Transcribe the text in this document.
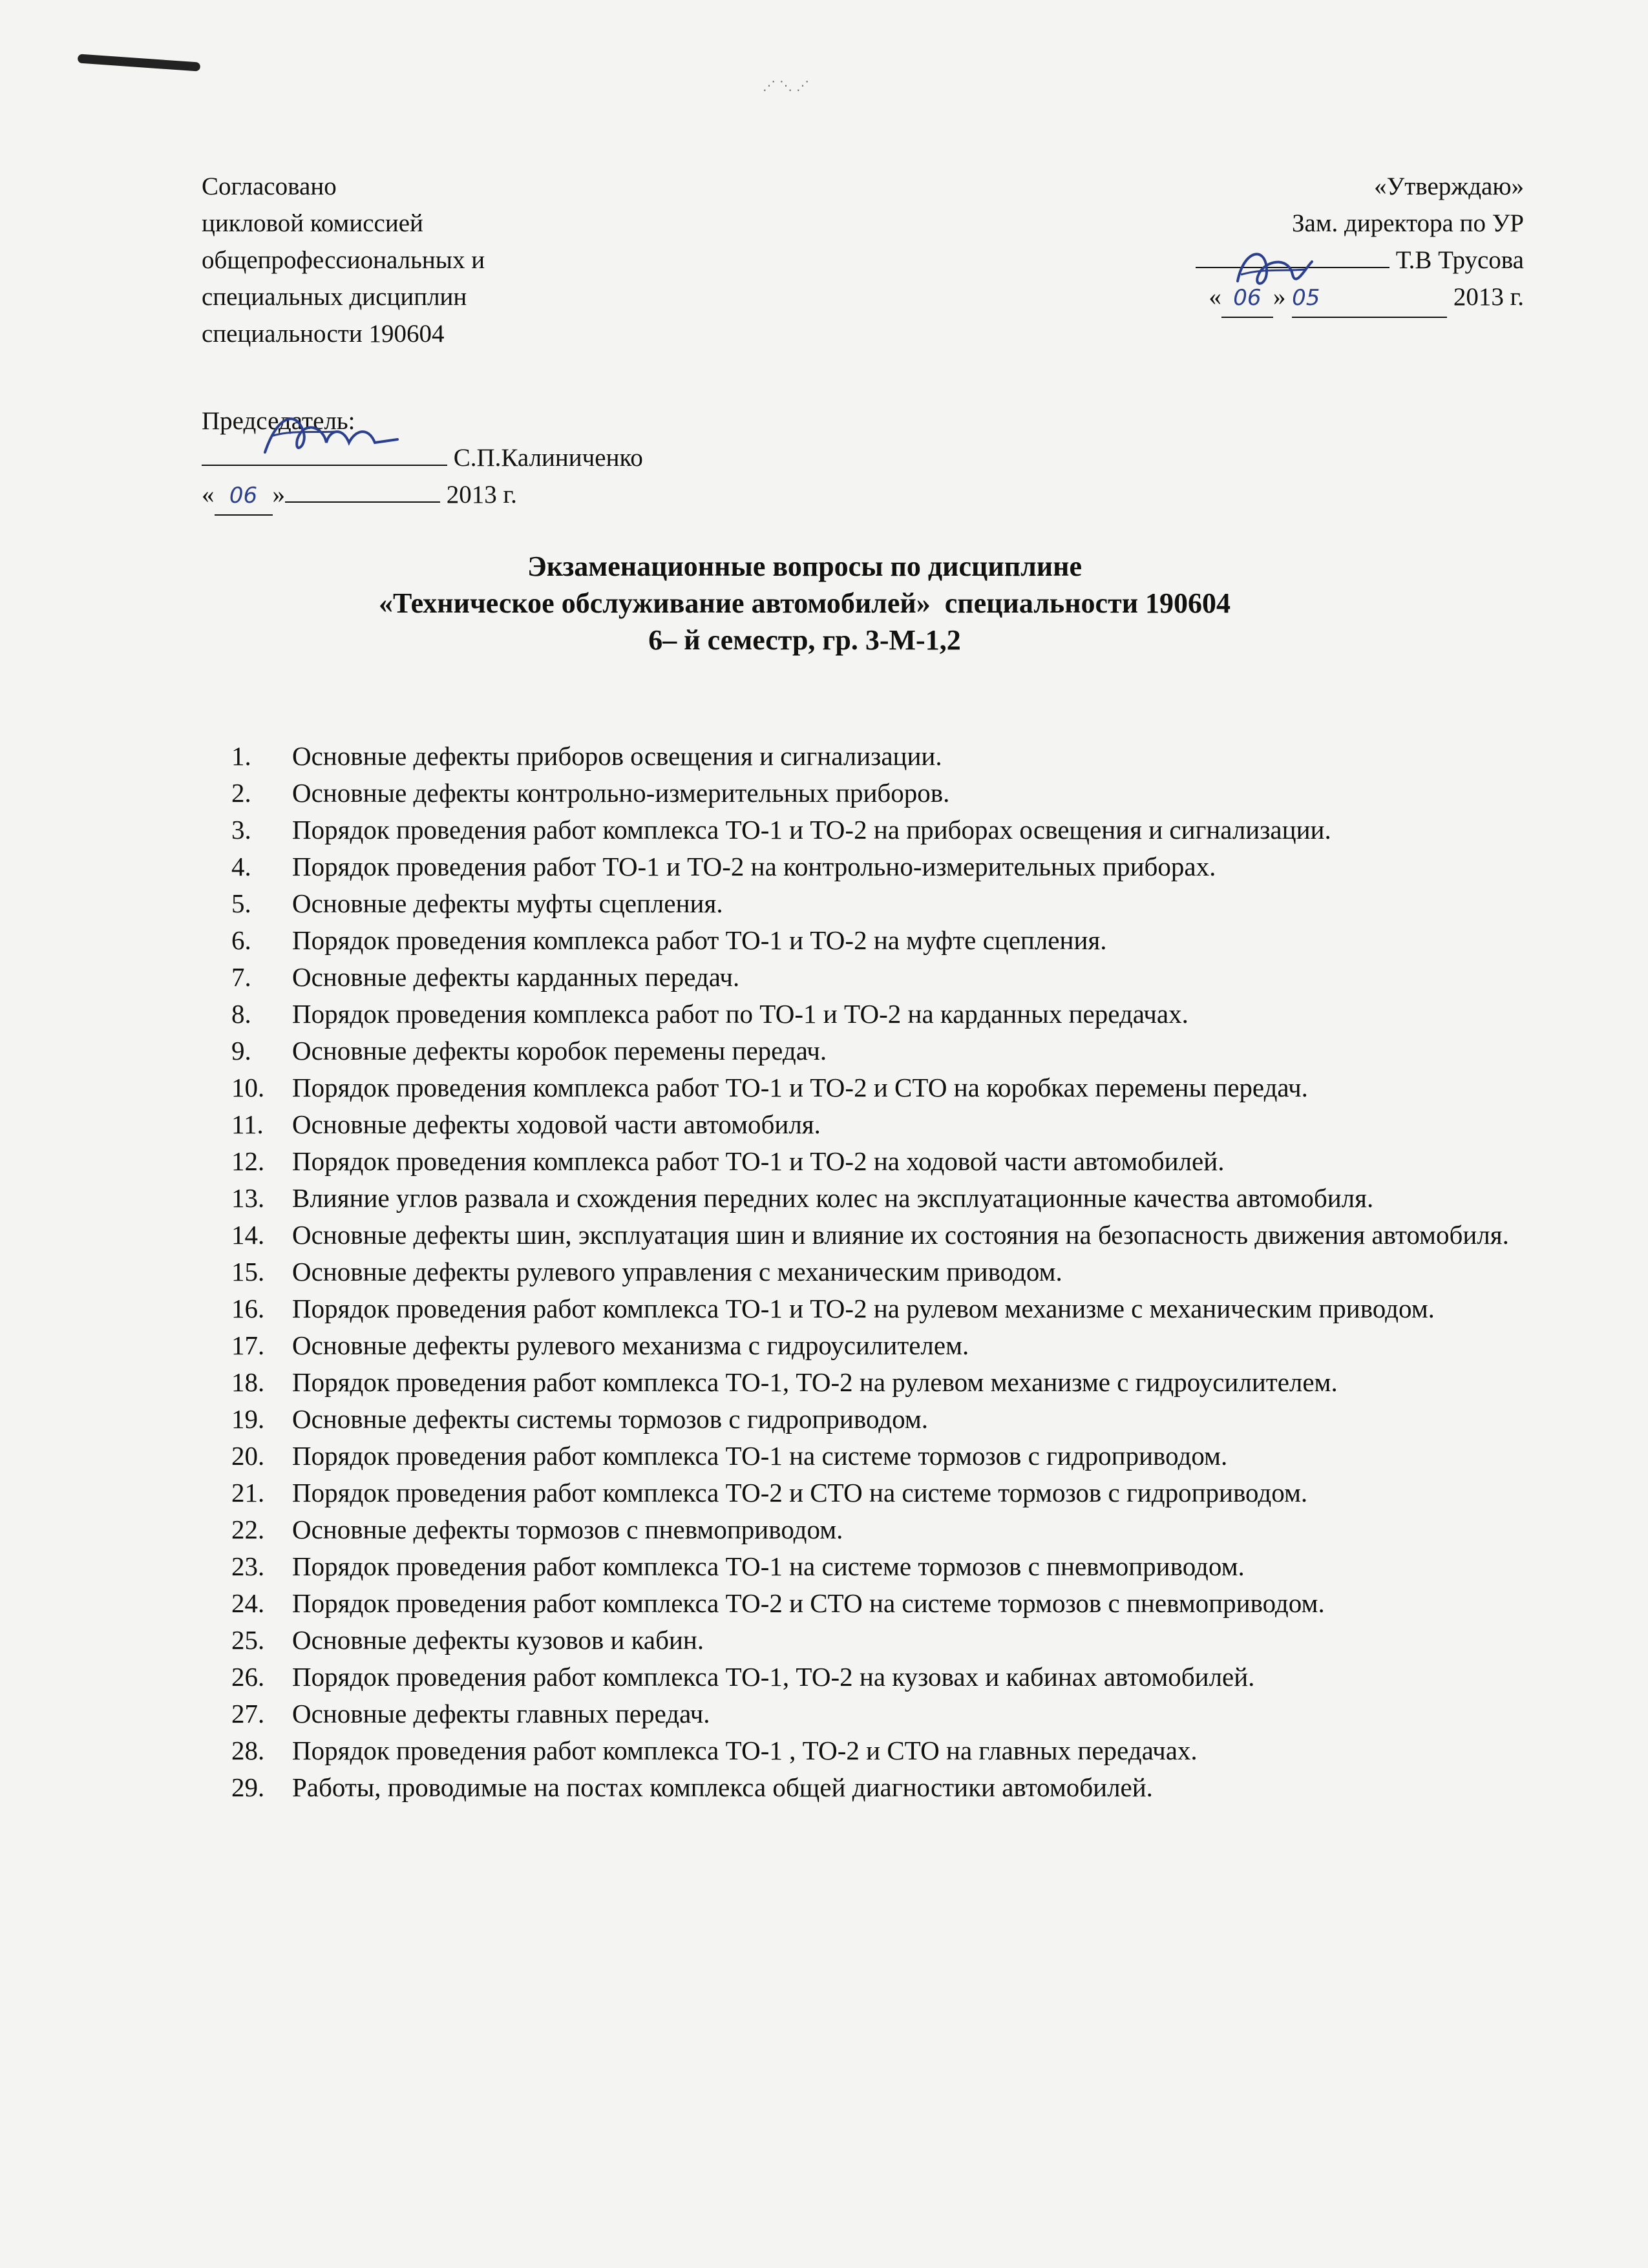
⋰⋱⋰
Согласовано
цикловой комиссией
общепрофессиональных и
специальных дисциплин
специальности 190604
Председатель:
С.П.Калиниченко
« 06 »	2013 г.
«Утверждаю»
Зам. директора по УР
Т.В Трусова
« 06 » 05	2013 г.
Экзаменационные вопросы по дисциплине
«Техническое обслуживание автомобилей»  специальности 190604
6– й семестр, гр. 3-М-1,2
1. Основные дефекты приборов освещения и сигнализации.
2. Основные дефекты контрольно-измерительных приборов.
3. Порядок проведения работ комплекса ТО-1 и ТО-2 на приборах освещения и сигнализации.
4. Порядок проведения работ ТО-1 и ТО-2 на контрольно-измерительных приборах.
5. Основные дефекты муфты сцепления.
6. Порядок проведения комплекса работ ТО-1 и ТО-2 на муфте сцепления.
7. Основные дефекты карданных передач.
8. Порядок проведения комплекса работ по ТО-1 и ТО-2 на карданных передачах.
9. Основные дефекты коробок перемены передач.
10. Порядок проведения комплекса работ ТО-1 и ТО-2 и СТО на коробках перемены передач.
11. Основные дефекты ходовой части автомобиля.
12. Порядок проведения комплекса работ ТО-1 и ТО-2 на ходовой части автомобилей.
13. Влияние углов развала и схождения передних колес на эксплуатационные качества автомобиля.
14. Основные дефекты шин, эксплуатация шин и влияние их состояния на безопасность движения автомобиля.
15. Основные дефекты рулевого управления с механическим приводом.
16. Порядок проведения работ комплекса ТО-1 и ТО-2 на рулевом механизме с механическим приводом.
17. Основные дефекты рулевого механизма с гидроусилителем.
18. Порядок проведения работ комплекса ТО-1, ТО-2 на рулевом механизме с гидроусилителем.
19. Основные дефекты системы тормозов с гидроприводом.
20. Порядок проведения работ комплекса ТО-1 на системе тормозов с гидроприводом.
21. Порядок проведения работ комплекса ТО-2 и СТО на системе тормозов с гидроприводом.
22. Основные дефекты тормозов с пневмоприводом.
23. Порядок проведения работ комплекса ТО-1 на системе тормозов с пневмоприводом.
24. Порядок проведения работ комплекса ТО-2 и СТО на системе тормозов с пневмоприводом.
25. Основные дефекты кузовов и кабин.
26. Порядок проведения работ комплекса ТО-1, ТО-2 на кузовах и кабинах автомобилей.
27. Основные дефекты главных передач.
28. Порядок проведения работ комплекса ТО-1 , ТО-2 и СТО на главных передачах.
29. Работы, проводимые на постах комплекса общей диагностики автомобилей.
